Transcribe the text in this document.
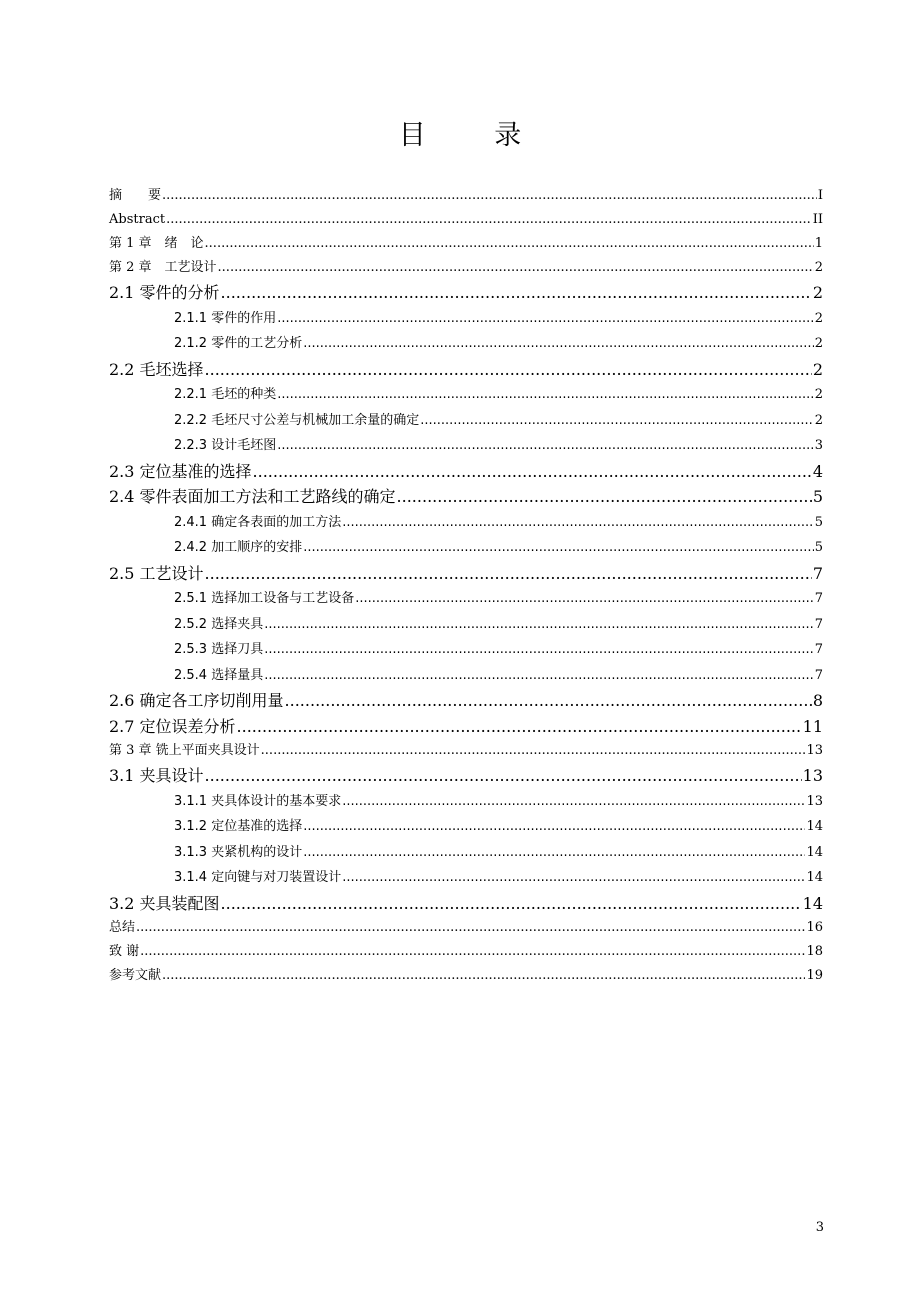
目 录
摘　　要 .....	I
Abstract .....	II
第 1 章　绪　论 .....	1
第 2 章　工艺设计 .....	2
2.1 零件的分析 .....	2
2.1.1 零件的作用 .....	2
2.1.2 零件的工艺分析 .....	2
2.2 毛坯选择 .....	2
2.2.1 毛坯的种类 .....	2
2.2.2 毛坯尺寸公差与机械加工余量的确定 .....	2
2.2.3 设计毛坯图 .....	3
2.3 定位基准的选择 .....	4
2.4 零件表面加工方法和工艺路线的确定 .....	5
2.4.1 确定各表面的加工方法 .....	5
2.4.2 加工顺序的安排 .....	5
2.5 工艺设计 .....	7
2.5.1 选择加工设备与工艺设备 .....	7
2.5.2 选择夹具 .....	7
2.5.3 选择刀具 .....	7
2.5.4 选择量具 .....	7
2.6 确定各工序切削用量 .....	8
2.7 定位误差分析 .....	11
第 3 章 铣上平面夹具设计 .....	13
3.1 夹具设计 .....	13
3.1.1 夹具体设计的基本要求 .....	13
3.1.2 定位基准的选择 .....	14
3.1.3 夹紧机构的设计 .....	14
3.1.4 定向键与对刀装置设计 .....	14
3.2 夹具装配图 .....	14
总结 .....	16
致 谢 .....	18
参考文献 .....	19
3
